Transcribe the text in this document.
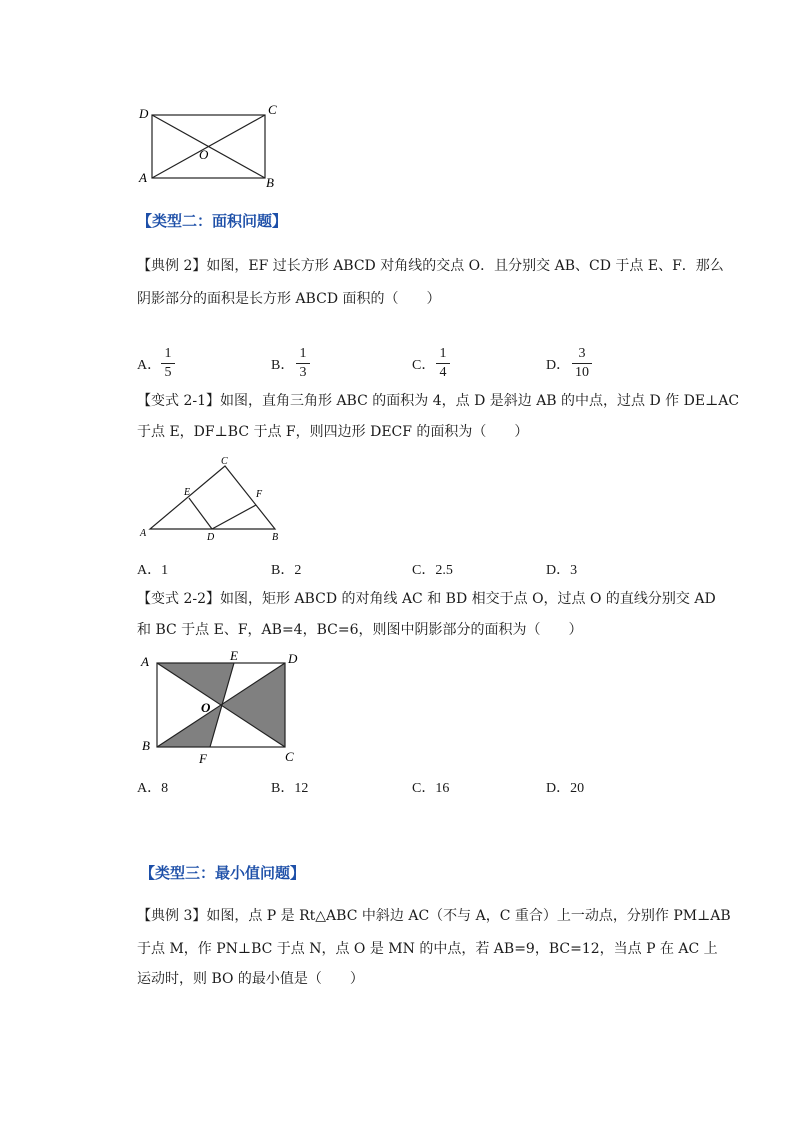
D	C
O
A	B
【类型二：面积问题】
【典例 2】如图，EF 过长方形 ABCD 对角线的交点 O．且分别交 AB、CD 于点 E、F．那么
阴影部分的面积是长方形 ABCD 面积的（　　）
A．
1
5	B．
1
3	C．
1
4	D．
3
10
【变式 2-1】如图，直角三角形 ABC 的面积为 4，点 D 是斜边 AB 的中点，过点 D 作 DE⊥AC
于点 E，DF⊥BC 于点 F，则四边形 DECF 的面积为（　　）
C
E	F
A	D	B
A．1	B．2	C．2.5	D．3
【变式 2-2】如图，矩形 ABCD 的对角线 AC 和 BD 相交于点 O，过点 O 的直线分别交 AD
和 BC 于点 E、F，AB=4，BC=6，则图中阴影部分的面积为（　　）
A	E	D
O
B
F	C
A．8	B．12	C．16	D．20
【类型三：最小值问题】
【典例 3】如图，点 P 是 Rt△ABC 中斜边 AC（不与 A，C 重合）上一动点，分别作 PM⊥AB
于点 M，作 PN⊥BC 于点 N，点 O 是 MN 的中点，若 AB=9，BC=12，当点 P 在 AC 上
运动时，则 BO 的最小值是（　　）
